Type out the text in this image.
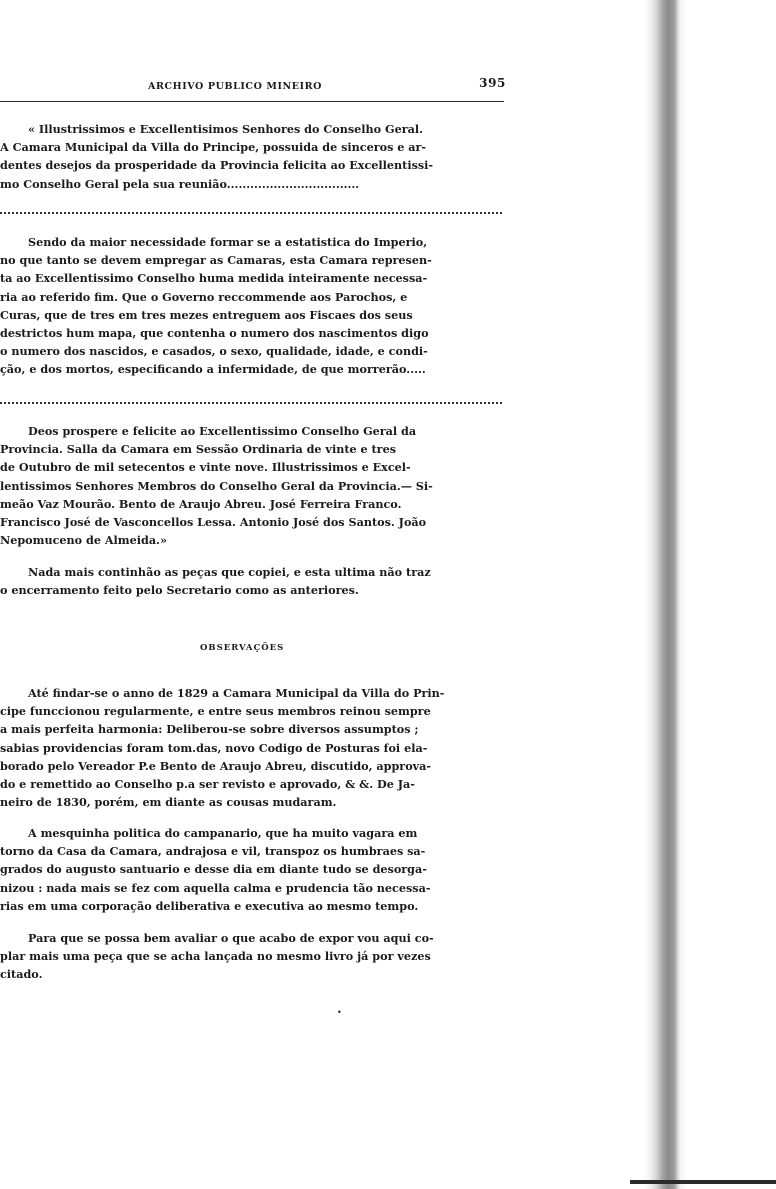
ARCHIVO PUBLICO MINEIRO	395
« Illustrissimos e Excellentisimos Senhores do Conselho Geral.
A Camara Municipal da Villa do Principe, possuida de sinceros e ar-
dentes desejos da prosperidade da Provincia felicita ao Excellentissi-
mo Conselho Geral pela sua reunião..................................
Sendo da maior necessidade formar se a estatistica do Imperio,
no que tanto se devem empregar as Camaras, esta Camara represen-
ta ao Excellentissimo Conselho huma medida inteiramente necessa-
ria ao referido fim. Que o Governo reccommende aos Parochos, e
Curas, que de tres em tres mezes entreguem aos Fiscaes dos seus
destrictos hum mapa, que contenha o numero dos nascimentos digo
o numero dos nascidos, e casados, o sexo, qualidade, idade, e condi-
ção, e dos mortos, especificando a infermidade, de que morrerão.....
Deos prospere e felicite ao Excellentissimo Conselho Geral da
Provincia. Salla da Camara em Sessão Ordinaria de vinte e tres
de Outubro de mil setecentos e vinte nove. Illustrissimos e Excel-
lentissimos Senhores Membros do Conselho Geral da Provincia.— Si-
meão Vaz Mourão. Bento de Araujo Abreu. José Ferreira Franco.
Francisco José de Vasconcellos Lessa. Antonio José dos Santos. João
Nepomuceno de Almeida.»
Nada mais continhão as peças que copiei, e esta ultima não traz
o encerramento feito pelo Secretario como as anteriores.
OBSERVAÇÕES
Até findar-se o anno de 1829 a Camara Municipal da Villa do Prin-
cipe funccionou regularmente, e entre seus membros reinou sempre
a mais perfeita harmonia: Deliberou-se sobre diversos assumptos ;
sabias providencias foram tom.das, novo Codigo de Posturas foi ela-
borado pelo Vereador P.e Bento de Araujo Abreu, discutido, approva-
do e remettido ao Conselho p.a ser revisto e aprovado, & &. De Ja-
neiro de 1830, porém, em diante as cousas mudaram.
A mesquinha politica do campanario, que ha muito vagara em
torno da Casa da Camara, andrajosa e vil, transpoz os humbraes sa-
grados do augusto santuario e desse dia em diante tudo se desorga-
nizou : nada mais se fez com aquella calma e prudencia tão necessa-
rias em uma corporação deliberativa e executiva ao mesmo tempo.
Para que se possa bem avaliar o que acabo de expor vou aqui co-
plar mais uma peça que se acha lançada no mesmo livro já por vezes
citado.
•
